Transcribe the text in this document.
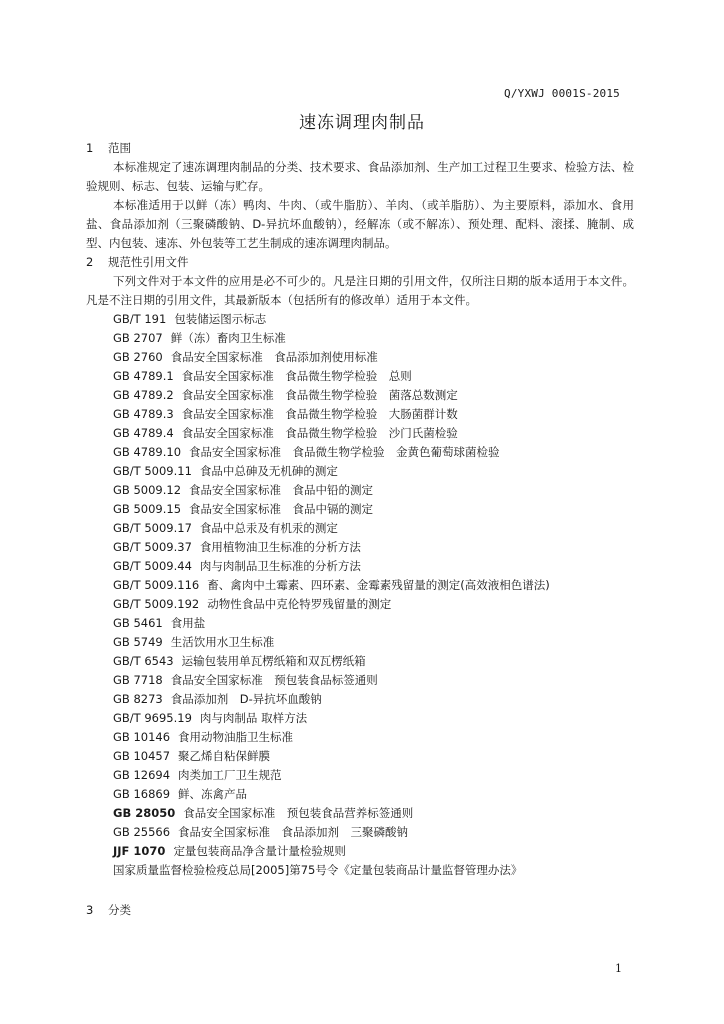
Q/YXWJ 0001S-2015
速冻调理肉制品
1 范围

本标准规定了速冻调理肉制品的分类、技术要求、食品添加剂、生产加工过程卫生要求、检验方法、检验规则、标志、包装、运输与贮存。

本标准适用于以鲜（冻）鸭肉、牛肉、（或牛脂肪）、羊肉、（或羊脂肪）、为主要原料，添加水、食用盐、食品添加剂（三聚磷酸钠、D-异抗坏血酸钠），经解冻（或不解冻）、预处理、配料、滚揉、腌制、成型、内包装、速冻、外包装等工艺生制成的速冻调理肉制品。

2 规范性引用文件

下列文件对于本文件的应用是必不可少的。凡是注日期的引用文件，仅所注日期的版本适用于本文件。凡是不注日期的引用文件，其最新版本（包括所有的修改单）适用于本文件。

GB/T 191 包装储运图示标志
GB 2707 鲜（冻）畜肉卫生标准
GB 2760 食品安全国家标准　食品添加剂使用标准
GB 4789.1 食品安全国家标准　食品微生物学检验　总则
GB 4789.2 食品安全国家标准　食品微生物学检验　菌落总数测定
GB 4789.3 食品安全国家标准　食品微生物学检验　大肠菌群计数
GB 4789.4 食品安全国家标准　食品微生物学检验　沙门氏菌检验
GB 4789.10 食品安全国家标准　食品微生物学检验　金黄色葡萄球菌检验
GB/T 5009.11 食品中总砷及无机砷的测定
GB 5009.12 食品安全国家标准　食品中铅的测定
GB 5009.15 食品安全国家标准　食品中镉的测定
GB/T 5009.17 食品中总汞及有机汞的测定
GB/T 5009.37 食用植物油卫生标准的分析方法
GB/T 5009.44 肉与肉制品卫生标准的分析方法
GB/T 5009.116 畜、禽肉中土霉素、四环素、金霉素残留量的测定(高效液相色谱法)
GB/T 5009.192 动物性食品中克伦特罗残留量的测定
GB 5461 食用盐
GB 5749 生活饮用水卫生标准
GB/T 6543 运输包装用单瓦楞纸箱和双瓦楞纸箱
GB 7718 食品安全国家标准　预包装食品标签通则
GB 8273 食品添加剂　D-异抗坏血酸钠
GB/T 9695.19 肉与肉制品 取样方法
GB 10146 食用动物油脂卫生标准
GB 10457 聚乙烯自粘保鲜膜
GB 12694 肉类加工厂卫生规范
GB 16869 鲜、冻禽产品
GB 28050 食品安全国家标准　预包装食品营养标签通则
GB 25566 食品安全国家标准　食品添加剂　三聚磷酸钠
JJF 1070 定量包装商品净含量计量检验规则
国家质量监督检验检疫总局[2005]第75号令《定量包装商品计量监督管理办法》
3 分类
1
